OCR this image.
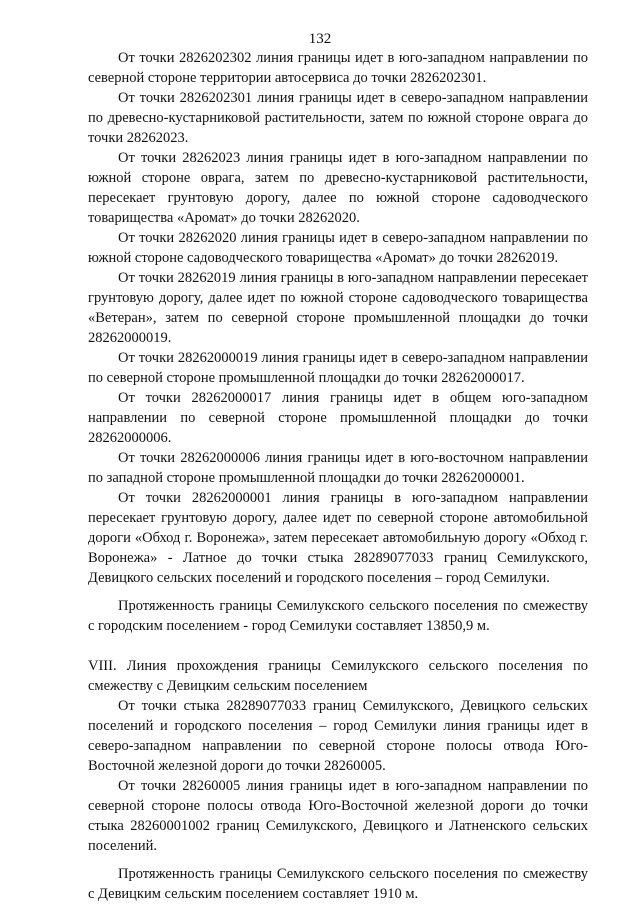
132

От точки 2826202302 линия границы идет в юго-западном направлении по северной стороне территории автосервиса до точки 2826202301.

От точки 2826202301 линия границы идет в северо-западном направлении по древесно-кустарниковой растительности, затем по южной стороне оврага до точки 28262023.

От точки 28262023 линия границы идет в юго-западном направлении по южной стороне оврага, затем по древесно-кустарниковой растительности, пересекает грунтовую дорогу, далее по южной стороне садоводческого товарищества «Аромат» до точки 28262020.

От точки 28262020 линия границы идет в северо-западном направлении по южной стороне садоводческого товарищества «Аромат» до точки 28262019.

От точки 28262019 линия границы в юго-западном направлении пересекает грунтовую дорогу, далее идет по южной стороне садоводческого товарищества «Ветеран», затем по северной стороне промышленной площадки до точки 28262000019.

От точки 28262000019 линия границы идет в северо-западном направлении по северной стороне промышленной площадки до точки 28262000017.

От точки 28262000017 линия границы идет в общем юго-западном направлении по северной стороне промышленной площадки до точки 28262000006.

От точки 28262000006 линия границы идет в юго-восточном направлении по западной стороне промышленной площадки до точки 28262000001.

От точки 28262000001 линия границы в юго-западном направлении пересекает грунтовую дорогу, далее идет по северной стороне автомобильной дороги «Обход г. Воронежа», затем пересекает автомобильную дорогу «Обход г. Воронежа» - Латное до точки стыка 28289077033 границ Семилукского, Девицкого сельских поселений и городского поселения – город Семилуки.

Протяженность границы Семилукского сельского поселения по смежеству с городским поселением - город Семилуки составляет 13850,9 м.

VIII. Линия прохождения границы Семилукского сельского поселения по смежеству с Девицким сельским поселением

От точки стыка 28289077033 границ Семилукского, Девицкого сельских поселений и городского поселения – город Семилуки линия границы идет в северо-западном направлении по северной стороне полосы отвода Юго-Восточной железной дороги до точки 28260005.

От точки 28260005 линия границы идет в юго-западном направлении по северной стороне полосы отвода Юго-Восточной железной дороги до точки стыка 28260001002 границ Семилукского, Девицкого и Латненского сельских поселений.

Протяженность границы Семилукского сельского поселения по смежеству с Девицким сельским поселением составляет 1910 м.
